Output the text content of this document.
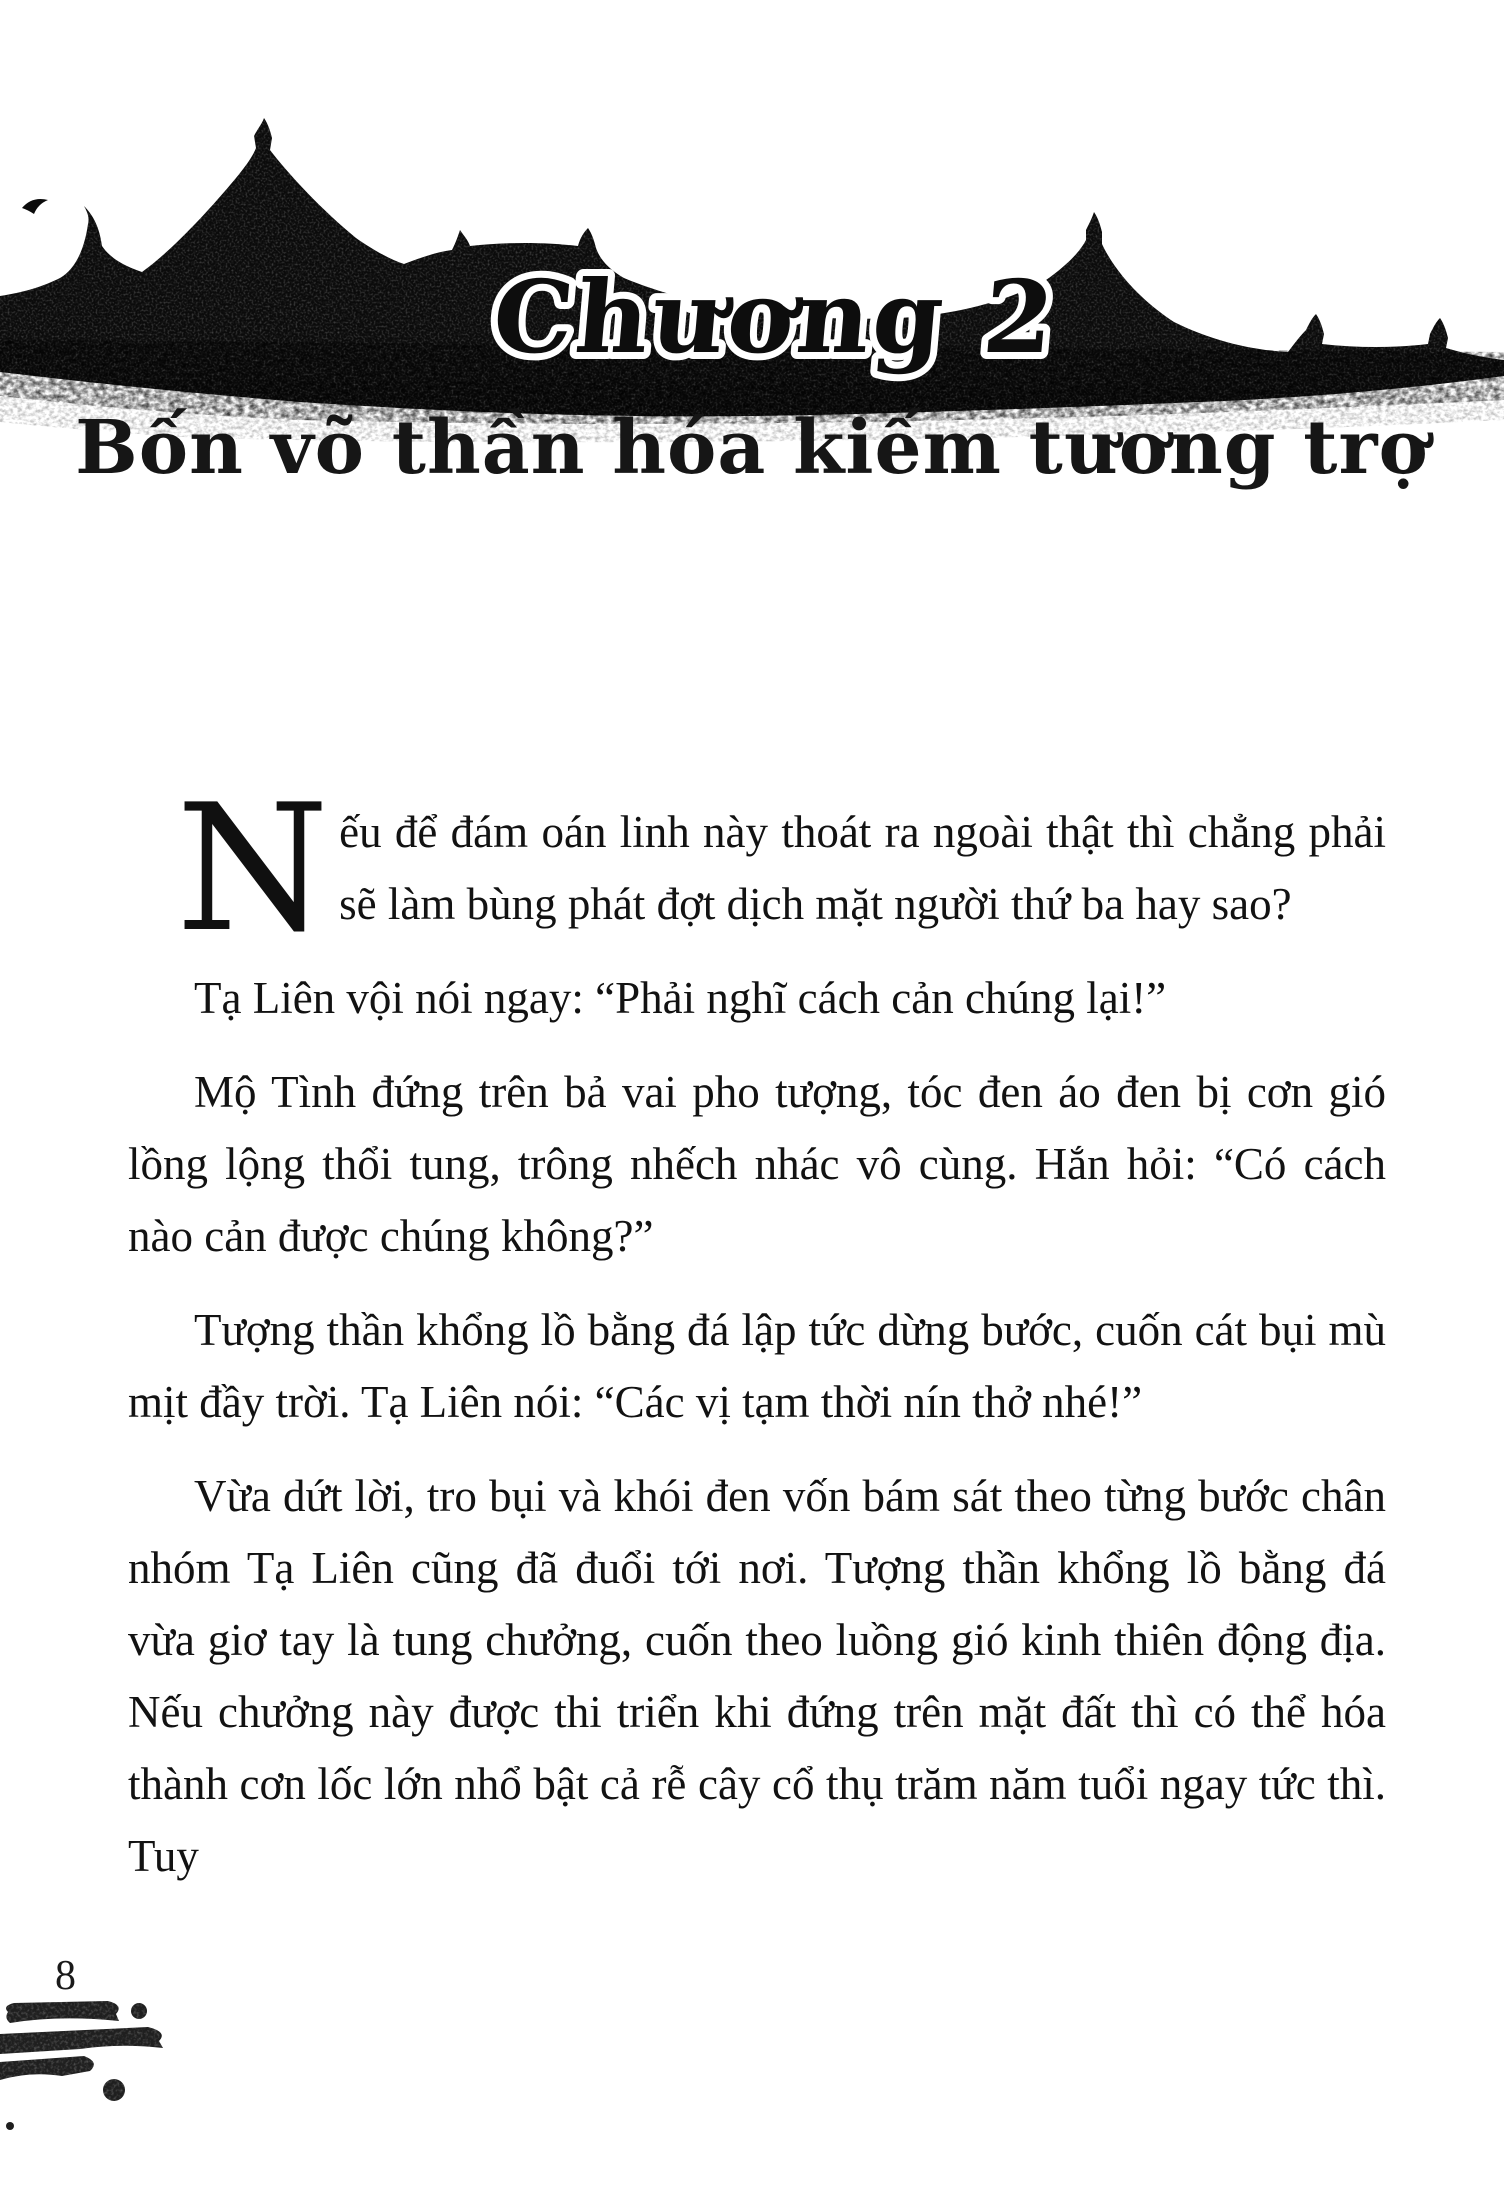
Chương 2
Bốn võ thần hóa kiếm tương trợ

Nếu để đám oán linh này thoát ra ngoài thật thì chẳng phải sẽ làm bùng phát đợt dịch mặt người thứ ba hay sao?

Tạ Liên vội nói ngay: “Phải nghĩ cách cản chúng lại!”

Mộ Tình đứng trên bả vai pho tượng, tóc đen áo đen bị cơn gió lồng lộng thổi tung, trông nhếch nhác vô cùng. Hắn hỏi: “Có cách nào cản được chúng không?”

Tượng thần khổng lồ bằng đá lập tức dừng bước, cuốn cát bụi mù mịt đầy trời. Tạ Liên nói: “Các vị tạm thời nín thở nhé!”

Vừa dứt lời, tro bụi và khói đen vốn bám sát theo từng bước chân nhóm Tạ Liên cũng đã đuổi tới nơi. Tượng thần khổng lồ bằng đá vừa giơ tay là tung chưởng, cuốn theo luồng gió kinh thiên động địa. Nếu chưởng này được thi triển khi đứng trên mặt đất thì có thể hóa thành cơn lốc lớn nhổ bật cả rễ cây cổ thụ trăm năm tuổi ngay tức thì. Tuy

8
